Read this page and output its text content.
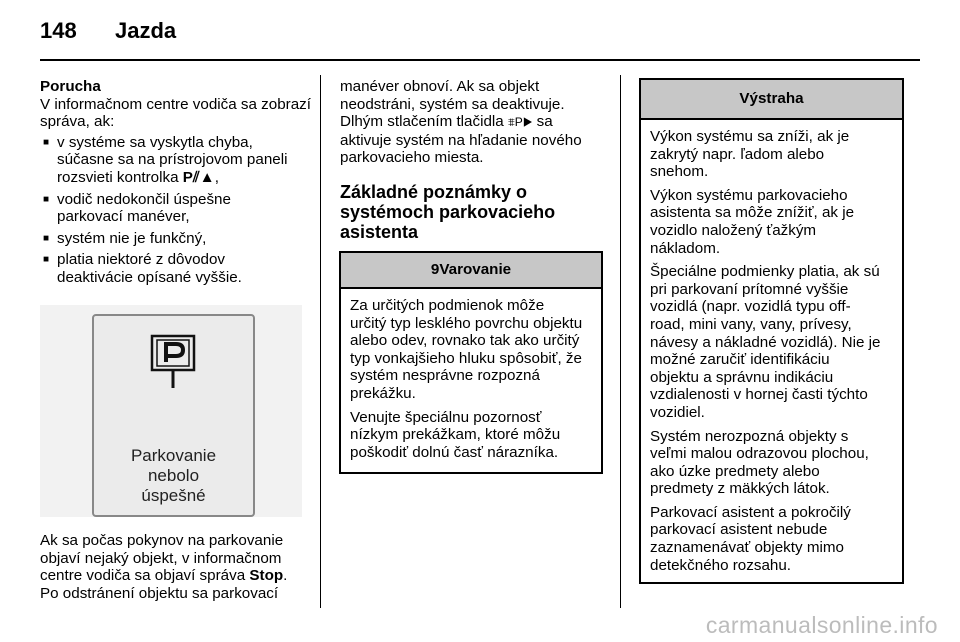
148 Jazda

Porucha

V informačnom centre vodiča sa zobrazí správa, ak:

■ v systéme sa vyskytla chyba,
súčasne sa na prístrojovom paneli
rozsvieti kontrolka P⫽▲,
■ vodič nedokončil úspešne
parkovací manéver,
■ systém nie je funkčný,
■ platia niektoré z dôvodov
deaktivácie opísané vyššie.
Parkovanie
nebolo
úspešné

Ak sa počas pokynov na parkovanie

objaví nejaký objekt, v informačnom

centre vodiča sa objaví správa Stop.

Po odstránení objektu sa parkovací

manéver obnoví. Ak sa objekt

neodstráni, systém sa deaktivuje.

Dlhým stlačením tlačidla ⩨P▶ sa

aktivuje systém na hľadanie nového

parkovacieho miesta.

Základné poznámky o
systémoch parkovacieho
asistenta

9Varovanie

Za určitých podmienok môže
určitý typ lesklého povrchu objektu
alebo odev, rovnako tak ako určitý
typ vonkajšieho hluku spôsobiť, že
systém nesprávne rozpozná
prekážku.

Venujte špeciálnu pozornosť
nízkym prekážkam, ktoré môžu
poškodiť dolnú časť nárazníka.

Výstraha

Výkon systému sa zníži, ak je
zakrytý napr. ľadom alebo
snehom.

Výkon systému parkovacieho
asistenta sa môže znížiť, ak je
vozidlo naložený ťažkým
nákladom.

Špeciálne podmienky platia, ak sú
pri parkovaní prítomné vyššie
vozidlá (napr. vozidlá typu off-
road, mini vany, vany, prívesy,
návesy a nákladné vozidlá). Nie je
možné zaručiť identifikáciu
objektu a správnu indikáciu
vzdialenosti v hornej časti týchto
vozidiel.

Systém nerozpozná objekty s
veľmi malou odrazovou plochou,
ako úzke predmety alebo
predmety z mäkkých látok.

Parkovací asistent a pokročilý
parkovací asistent nebude
zaznamenávať objekty mimo
detekčného rozsahu.

carmanualsonline.info
